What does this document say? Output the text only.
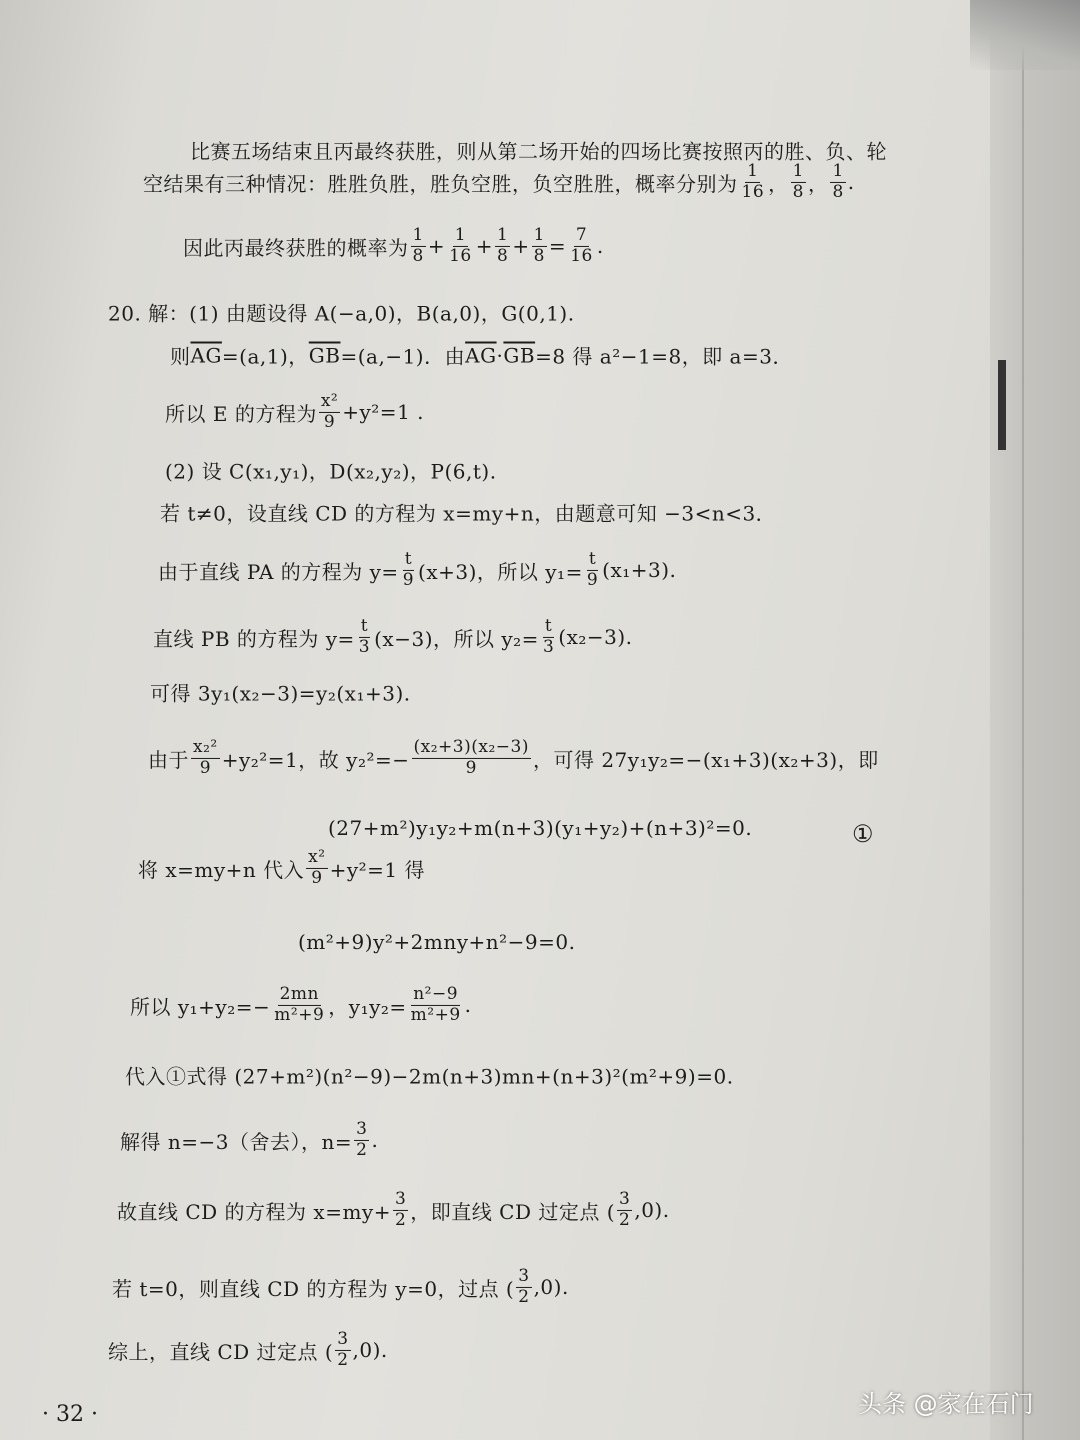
比赛五场结束且丙最终获胜，则从第二场开始的四场比赛按照丙的胜、负、轮
空结果有三种情况：胜胜负胜，胜负空胜，负空胜胜，概率分别为 $\frac{1}{16}$ ， $\frac{1}{8}$ ， $\frac{1}{8}$ .
因此丙最终获胜的概率为 $\frac{1}{8} + \frac{1}{16} + \frac{1}{8} + \frac{1}{8} = \frac{7}{16}$ .
20. 解：(1) 由题设得 A(−a,0)，B(a,0)，G(0,1).
则 $\overline{AG} =(a,1)$， $\overline{GB} =(a,-1)$．由 $\overline{AG} \cdot \overline{GB} =8$ 得 a²−1=8，即 a=3．
所以 E 的方程为 $\frac{\text{x²}}{9} +y^2=1$ .
(2) 设 C(x₁,y₁)，D(x₂,y₂)，P(6,t).
若 t≠0，设直线 CD 的方程为 x=my+n，由题意可知 −3<n<3．
由于直线 PA 的方程为 $y= \frac{t}{9} (x+3)$，所以 $y_1= \frac{t}{9} (x_1+3)$.
直线 PB 的方程为 $y= \frac{t}{3} (x-3)$，所以 $y_2= \frac{t}{3} (x_2-3)$.
可得 3y₁(x₂−3)=y₂(x₁+3).
由于 $\frac{\text{x₂²}}{9} +y_2^2=1$，故 $y_2^2=- \frac{\text{(x₂+3)(x₂−3)}}{9}$ ，可得 27y₁y₂=−(x₁+3)(x₂+3)，即
(27+m²)y₁y₂+m(n+3)(y₁+y₂)+(n+3)²=0.
将 x=my+n 代入 $\frac{\text{x²}}{9} +y^2=1$ 得
(m²+9)y²+2mny+n²−9=0.
所以 $y_1+y_2=- \frac{2mn}{\text{m²+9}}$ ，$y_1y_2= \frac{\text{n²−9}}{\text{m²+9}}$ .
代入①式得 (27+m²)(n²−9)−2m(n+3)mn+(n+3)²(m²+9)=0.
解得 n=−3（舍去），$n= \frac{3}{2}$ .
故直线 CD 的方程为 $x=my+ \frac{3}{2}$ ，即直线 CD 过定点 ( $\frac{3}{2} ,0$).
若 t=0，则直线 CD 的方程为 y=0，过点 ( $\frac{3}{2} ,0$).
综上，直线 CD 过定点 ( $\frac{3}{2} ,0$).
①
· 32 ·	头条 @家在石门
